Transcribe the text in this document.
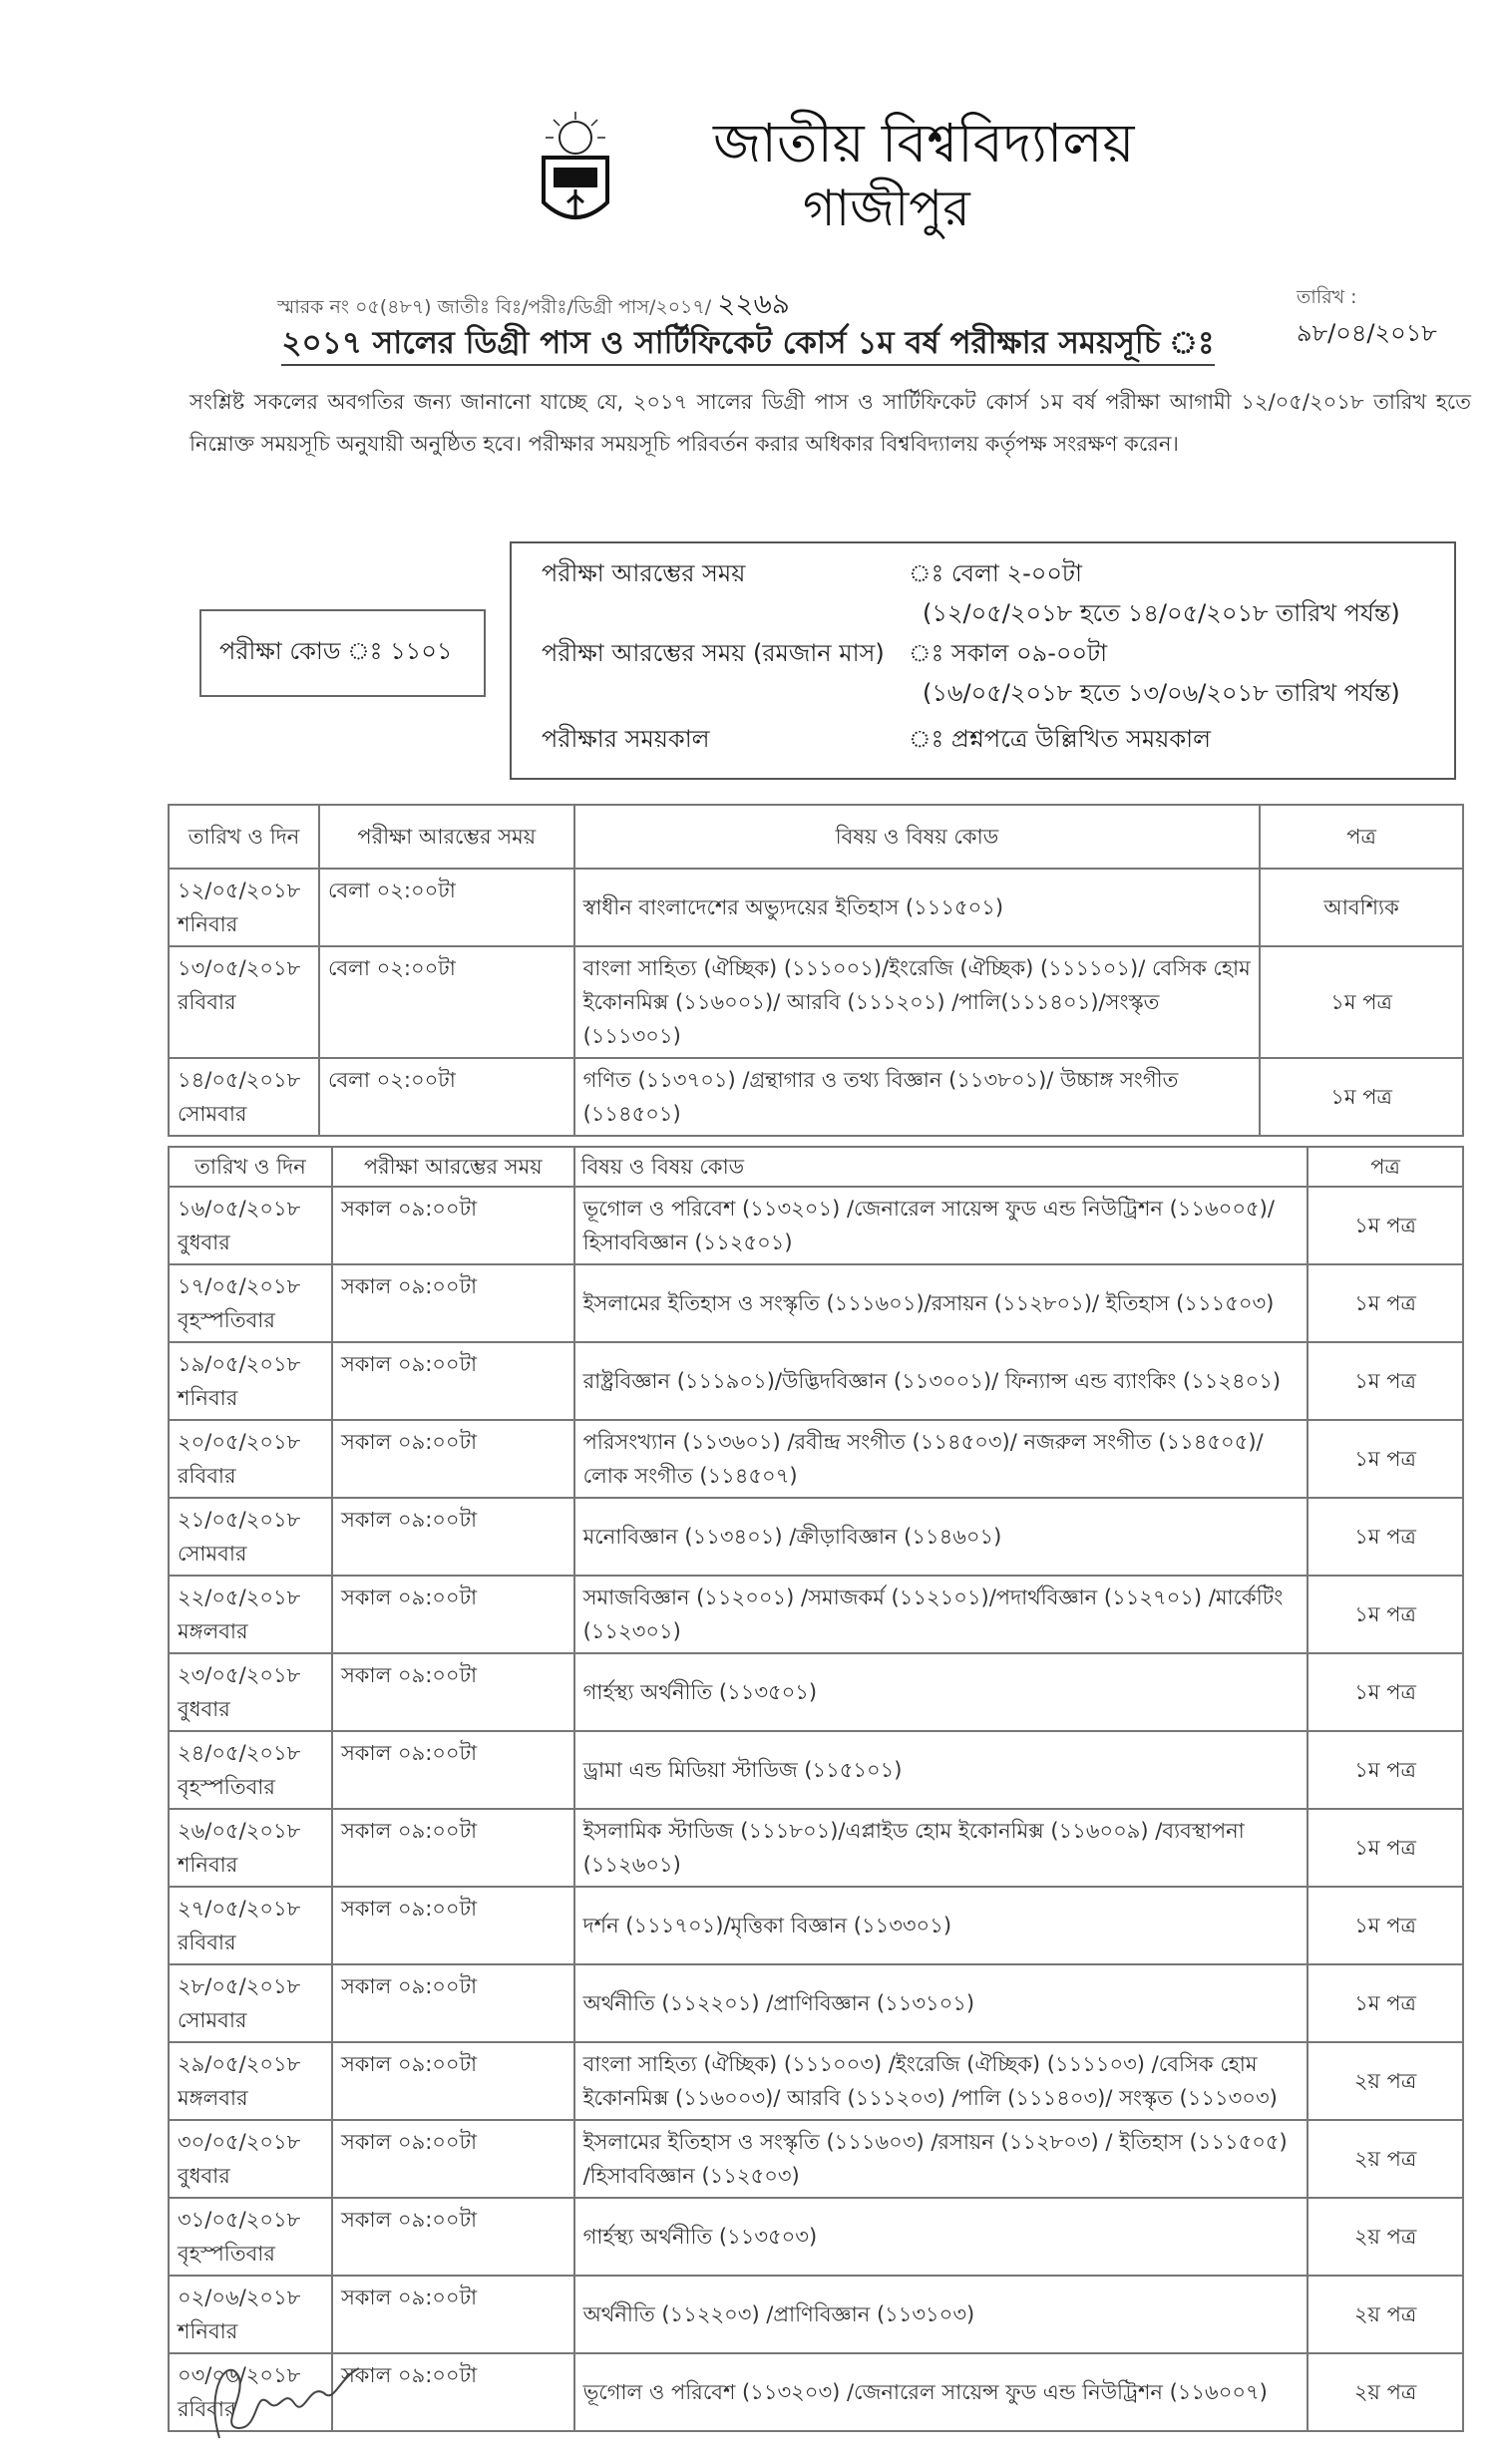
জাতীয় বিশ্ববিদ্যালয়
গাজীপুর
স্মারক নং ০৫(৪৮৭) জাতীঃ বিঃ/পরীঃ/ডিগ্রী পাস/২০১৭/ ২২৬৯	তারিখ : ৯৮/০৪/২০১৮
২০১৭ সালের ডিগ্রী পাস ও সার্টিফিকেট কোর্স ১ম বর্ষ পরীক্ষার সময়সূচি ঃ
সংশ্লিষ্ট সকলের অবগতির জন্য জানানো যাচ্ছে যে, ২০১৭ সালের ডিগ্রী পাস ও সার্টিফিকেট কোর্স ১ম বর্ষ পরীক্ষা আগামী ১২/০৫/২০১৮ তারিখ হতে নিম্নোক্ত সময়সূচি অনুযায়ী অনুষ্ঠিত হবে। পরীক্ষার সময়সূচি পরিবর্তন করার অধিকার বিশ্ববিদ্যালয় কর্তৃপক্ষ সংরক্ষণ করেন।
পরীক্ষা কোড ঃ ১১০১
পরীক্ষা আরম্ভের সময়	ঃ বেলা ২-০০টা
(১২/০৫/২০১৮ হতে ১৪/০৫/২০১৮ তারিখ পর্যন্ত)
পরীক্ষা আরম্ভের সময় (রমজান মাস) ঃ সকাল ০৯-০০টা
(১৬/০৫/২০১৮ হতে ১৩/০৬/২০১৮ তারিখ পর্যন্ত)
পরীক্ষার সময়কাল	ঃ প্রশ্নপত্রে উল্লিখিত সময়কাল
তারিখ ও দিন	পরীক্ষা আরম্ভের সময়	বিষয় ও বিষয় কোড	পত্র

১২/০৫/২০১৮
শনিবার	বেলা ০২:০০টা	স্বাধীন বাংলাদেশের অভ্যুদয়ের ইতিহাস (১১১৫০১)	আবশ্যিক

১৩/০৫/২০১৮
রবিবার	বেলা ০২:০০টা	বাংলা সাহিত্য (ঐচ্ছিক) (১১১০০১)/ইংরেজি (ঐচ্ছিক) (১১১১০১)/ বেসিক হোম ইকোনমিক্স (১১৬০০১)/ আরবি (১১১২০১) /পালি(১১১৪০১)/সংস্কৃত (১১১৩০১)	১ম পত্র

১৪/০৫/২০১৮
সোমবার	বেলা ০২:০০টা	গণিত (১১৩৭০১) /গ্রন্থাগার ও তথ্য বিজ্ঞান (১১৩৮০১)/ উচ্চাঙ্গ সংগীত (১১৪৫০১)	১ম পত্র
তারিখ ও দিন	পরীক্ষা আরম্ভের সময়	বিষয় ও বিষয় কোড	পত্র

১৬/০৫/২০১৮
বুধবার	সকাল ০৯:০০টা	ভূগোল ও পরিবেশ (১১৩২০১) /জেনারেল সায়েন্স ফুড এন্ড নিউট্রিশন (১১৬০০৫)/ হিসাববিজ্ঞান (১১২৫০১)	১ম পত্র

১৭/০৫/২০১৮
বৃহস্পতিবার	সকাল ০৯:০০টা	ইসলামের ইতিহাস ও সংস্কৃতি (১১১৬০১)/রসায়ন (১১২৮০১)/ ইতিহাস (১১১৫০৩)	১ম পত্র

১৯/০৫/২০১৮
শনিবার	সকাল ০৯:০০টা	রাষ্ট্রবিজ্ঞান (১১১৯০১)/উদ্ভিদবিজ্ঞান (১১৩০০১)/ ফিন্যান্স এন্ড ব্যাংকিং (১১২৪০১)	১ম পত্র

২০/০৫/২০১৮
রবিবার	সকাল ০৯:০০টা	পরিসংখ্যান (১১৩৬০১) /রবীন্দ্র সংগীত (১১৪৫০৩)/ নজরুল সংগীত (১১৪৫০৫)/লোক সংগীত (১১৪৫০৭)	১ম পত্র

২১/০৫/২০১৮
সোমবার	সকাল ০৯:০০টা	মনোবিজ্ঞান (১১৩৪০১) /ক্রীড়াবিজ্ঞান (১১৪৬০১)	১ম পত্র

২২/০৫/২০১৮
মঙ্গলবার	সকাল ০৯:০০টা	সমাজবিজ্ঞান (১১২০০১) /সমাজকর্ম (১১২১০১)/পদার্থবিজ্ঞান (১১২৭০১) /মার্কেটিং (১১২৩০১)	১ম পত্র

২৩/০৫/২০১৮
বুধবার	সকাল ০৯:০০টা	গার্হস্থ্য অর্থনীতি (১১৩৫০১)	১ম পত্র

২৪/০৫/২০১৮
বৃহস্পতিবার	সকাল ০৯:০০টা	ড্রামা এন্ড মিডিয়া স্টাডিজ (১১৫১০১)	১ম পত্র

২৬/০৫/২০১৮
শনিবার	সকাল ০৯:০০টা	ইসলামিক স্টাডিজ (১১১৮০১)/এপ্লাইড হোম ইকোনমিক্স (১১৬০০৯) /ব্যবস্থাপনা (১১২৬০১)	১ম পত্র

২৭/০৫/২০১৮
রবিবার	সকাল ০৯:০০টা	দর্শন (১১১৭০১)/মৃত্তিকা বিজ্ঞান (১১৩৩০১)	১ম পত্র

২৮/০৫/২০১৮
সোমবার	সকাল ০৯:০০টা	অর্থনীতি (১১২২০১) /প্রাণিবিজ্ঞান (১১৩১০১)	১ম পত্র

২৯/০৫/২০১৮
মঙ্গলবার	সকাল ০৯:০০টা	বাংলা সাহিত্য (ঐচ্ছিক) (১১১০০৩) /ইংরেজি (ঐচ্ছিক) (১১১১০৩) /বেসিক হোম ইকোনমিক্স (১১৬০০৩)/ আরবি (১১১২০৩) /পালি (১১১৪০৩)/ সংস্কৃত (১১১৩০৩)	২য় পত্র

৩০/০৫/২০১৮
বুধবার	সকাল ০৯:০০টা	ইসলামের ইতিহাস ও সংস্কৃতি (১১১৬০৩) /রসায়ন (১১২৮০৩) / ইতিহাস (১১১৫০৫) /হিসাববিজ্ঞান (১১২৫০৩)	২য় পত্র

৩১/০৫/২০১৮
বৃহস্পতিবার	সকাল ০৯:০০টা	গার্হস্থ্য অর্থনীতি (১১৩৫০৩)	২য় পত্র

০২/০৬/২০১৮
শনিবার	সকাল ০৯:০০টা	অর্থনীতি (১১২২০৩) /প্রাণিবিজ্ঞান (১১৩১০৩)	২য় পত্র

০৩/০৬/২০১৮
রবিবার	সকাল ০৯:০০টা	ভূগোল ও পরিবেশ (১১৩২০৩) /জেনারেল সায়েন্স ফুড এন্ড নিউট্রিশন (১১৬০০৭)	২য় পত্র
